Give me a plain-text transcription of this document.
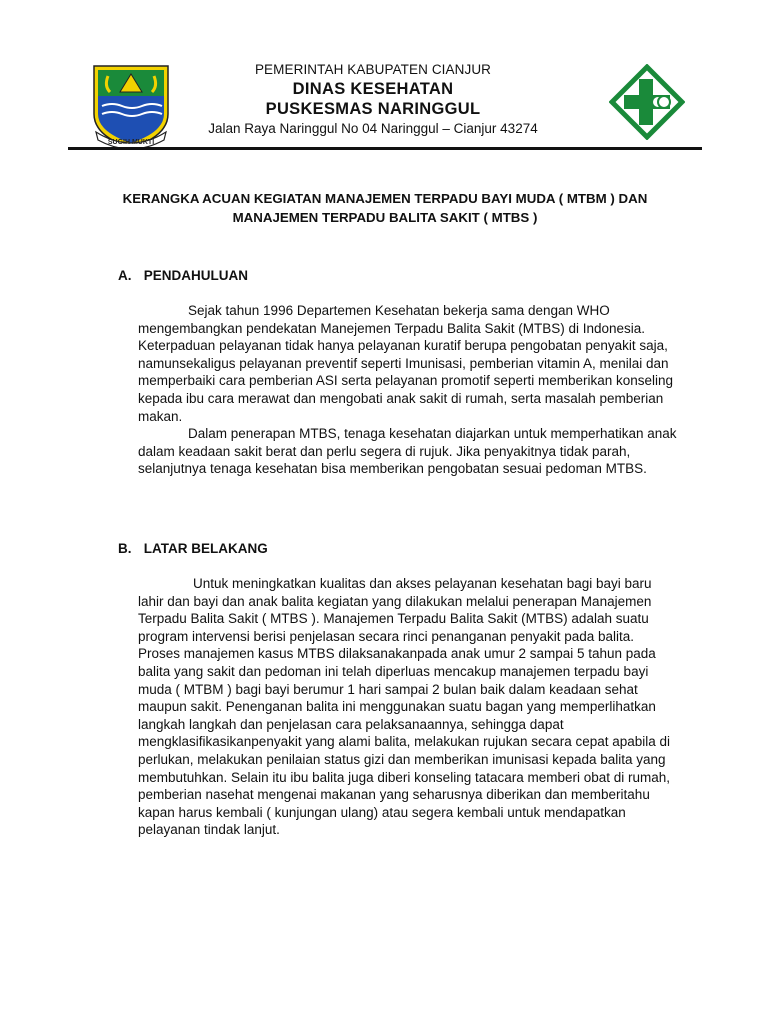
SUGIH MUKTI
PEMERINTAH KABUPATEN CIANJUR
DINAS KESEHATAN
PUSKESMAS NARINGGUL
Jalan Raya Naringgul No 04 Naringgul – Cianjur 43274
KERANGKA ACUAN KEGIATAN MANAJEMEN TERPADU BAYI MUDA ( MTBM ) DAN
MANAJEMEN TERPADU BALITA SAKIT ( MTBS )
A. PENDAHULUAN

Sejak tahun 1996 Departemen Kesehatan bekerja sama dengan WHO mengembangkan pendekatan Manejemen Terpadu Balita Sakit (MTBS) di Indonesia. Keterpaduan pelayanan tidak hanya pelayanan kuratif berupa pengobatan penyakit saja, namunsekaligus pelayanan preventif seperti Imunisasi, pemberian vitamin A, menilai dan memperbaiki cara pemberian ASI serta pelayanan promotif seperti memberikan konseling kepada ibu cara merawat dan mengobati anak sakit di rumah, serta masalah pemberian makan.

Dalam penerapan MTBS, tenaga kesehatan diajarkan untuk memperhatikan anak dalam keadaan sakit berat dan perlu segera di rujuk. Jika penyakitnya tidak parah, selanjutnya tenaga kesehatan bisa memberikan pengobatan sesuai pedoman MTBS.

B. LATAR BELAKANG

Untuk meningkatkan kualitas dan akses pelayanan kesehatan bagi bayi baru lahir dan bayi dan anak balita kegiatan yang dilakukan melalui penerapan Manajemen Terpadu Balita Sakit ( MTBS ). Manajemen Terpadu Balita Sakit (MTBS) adalah suatu program intervensi berisi penjelasan secara rinci penanganan penyakit pada balita. Proses manajemen kasus MTBS dilaksanakanpada anak umur 2 sampai 5 tahun pada balita yang sakit dan pedoman ini telah diperluas mencakup manajemen terpadu bayi muda ( MTBM ) bagi bayi berumur 1 hari sampai 2 bulan baik dalam keadaan sehat maupun sakit. Penenganan balita ini menggunakan suatu bagan yang memperlihatkan langkah langkah dan penjelasan cara pelaksanaannya, sehingga dapat mengklasifikasikanpenyakit yang alami balita, melakukan rujukan secara cepat apabila di perlukan, melakukan penilaian status gizi dan memberikan imunisasi kepada balita yang membutuhkan. Selain itu ibu balita juga diberi konseling tatacara memberi obat di rumah, pemberian nasehat mengenai makanan yang seharusnya diberikan dan memberitahu kapan harus kembali ( kunjungan ulang) atau segera kembali untuk mendapatkan pelayanan tindak lanjut.
